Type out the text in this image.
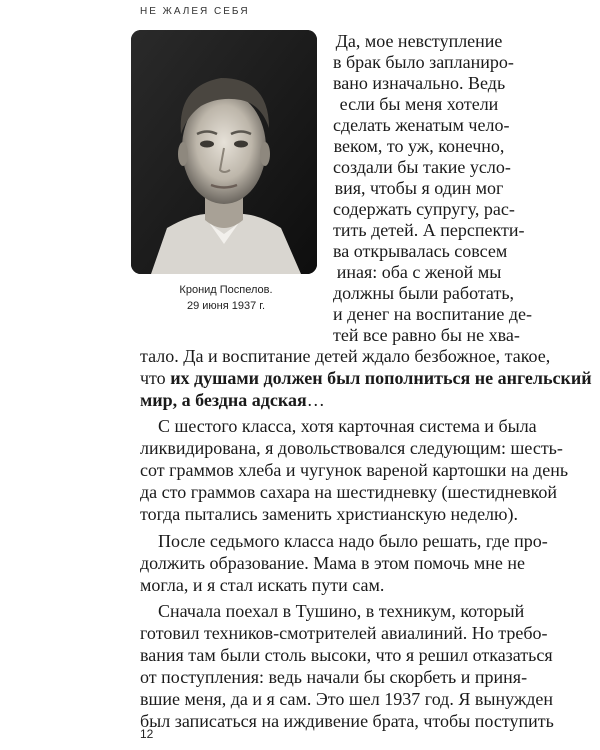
НЕ ЖАЛЕЯ СЕБЯ
Кронид Поспелов.
29 июня 1937 г.
Да, мое невступление
в брак было запланиро-
вано изначально. Ведь
если бы меня хотели
сделать женатым чело-
веком, то уж, конечно,
создали бы такие усло-
вия, чтобы я один мог
содержать супругу, рас-
тить детей. А перспекти-
ва открывалась совсем
иная: оба с женой мы
должны были работать,
и денег на воспитание де-
тей все равно бы не хва-
тало. Да и воспитание детей ждало безбожное, такое,
что их душами должен был пополниться не ангельский
мир, а бездна адская…
С шестого класса, хотя карточная система и была
ликвидирована, я довольствовался следующим: шесть-
сот граммов хлеба и чугунок вареной картошки на день
да сто граммов сахара на шестидневку (шестидневкой
тогда пытались заменить христианскую неделю).
После седьмого класса надо было решать, где про-
должить образование. Мама в этом помочь мне не
могла, и я стал искать пути сам.
Сначала поехал в Тушино, в техникум, который
готовил техников-смотрителей авиалиний. Но требо-
вания там были столь высоки, что я решил отказаться
от поступления: ведь начали бы скорбеть и приня-
вшие меня, да и я сам. Это шел 1937 год. Я вынужден
был записаться на иждивение брата, чтобы поступить
12
